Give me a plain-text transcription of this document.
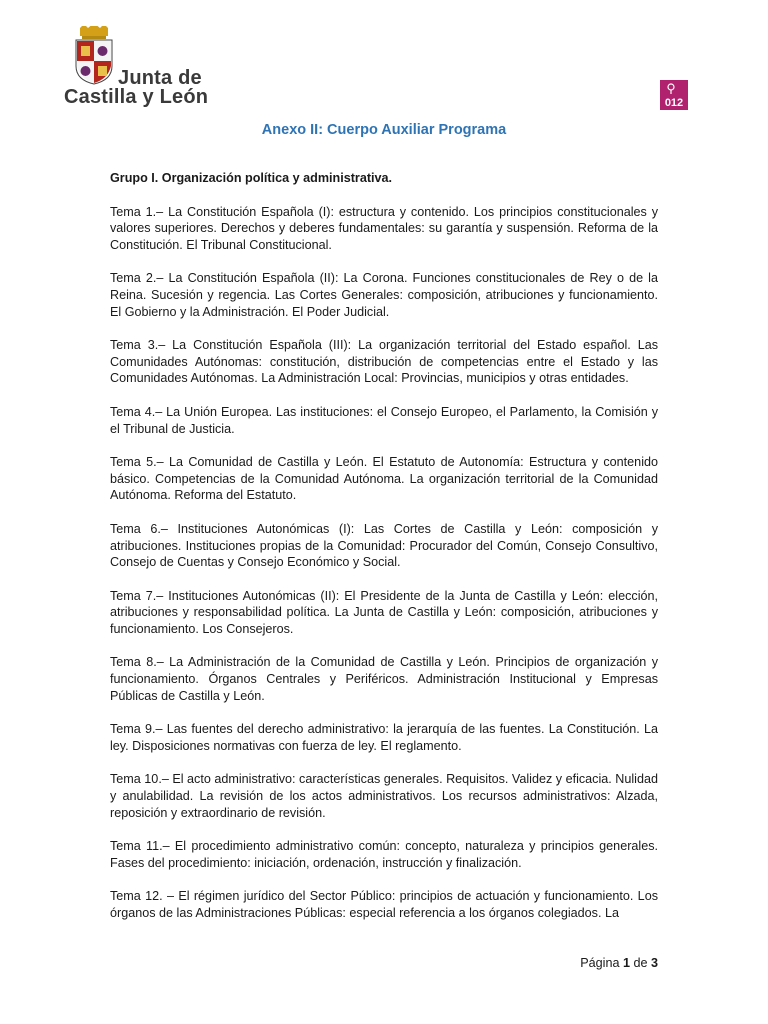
Junta de
Castilla y León	012
Anexo II: Cuerpo Auxiliar Programa

Grupo I. Organización política y administrativa.

Tema 1.– La Constitución Española (I): estructura y contenido. Los principios constitucionales y valores superiores. Derechos y deberes fundamentales: su garantía y suspensión. Reforma de la Constitución. El Tribunal Constitucional.

Tema 2.– La Constitución Española (II): La Corona. Funciones constitucionales de Rey o de la Reina. Sucesión y regencia. Las Cortes Generales: composición, atribuciones y funcionamiento. El Gobierno y la Administración. El Poder Judicial.

Tema 3.– La Constitución Española (III): La organización territorial del Estado español. Las Comunidades Autónomas: constitución, distribución de competencias entre el Estado y las Comunidades Autónomas. La Administración Local: Provincias, municipios y otras entidades.

Tema 4.– La Unión Europea. Las instituciones: el Consejo Europeo, el Parlamento, la Comisión y el Tribunal de Justicia.

Tema 5.– La Comunidad de Castilla y León. El Estatuto de Autonomía: Estructura y contenido básico. Competencias de la Comunidad Autónoma. La organización territorial de la Comunidad Autónoma. Reforma del Estatuto.

Tema 6.– Instituciones Autonómicas (I): Las Cortes de Castilla y León: composición y atribuciones. Instituciones propias de la Comunidad: Procurador del Común, Consejo Consultivo, Consejo de Cuentas y Consejo Económico y Social.

Tema 7.– Instituciones Autonómicas (II): El Presidente de la Junta de Castilla y León: elección, atribuciones y responsabilidad política. La Junta de Castilla y León: composición, atribuciones y funcionamiento. Los Consejeros.

Tema 8.– La Administración de la Comunidad de Castilla y León. Principios de organización y funcionamiento. Órganos Centrales y Periféricos. Administración Institucional y Empresas Públicas de Castilla y León.

Tema 9.– Las fuentes del derecho administrativo: la jerarquía de las fuentes. La Constitución. La ley. Disposiciones normativas con fuerza de ley. El reglamento.

Tema 10.– El acto administrativo: características generales. Requisitos. Validez y eficacia. Nulidad y anulabilidad. La revisión de los actos administrativos. Los recursos administrativos: Alzada, reposición y extraordinario de revisión.

Tema 11.– El procedimiento administrativo común: concepto, naturaleza y principios generales. Fases del procedimiento: iniciación, ordenación, instrucción y finalización.

Tema 12. – El régimen jurídico del Sector Público: principios de actuación y funcionamiento. Los órganos de las Administraciones Públicas: especial referencia a los órganos colegiados. La

Página 1 de 3
